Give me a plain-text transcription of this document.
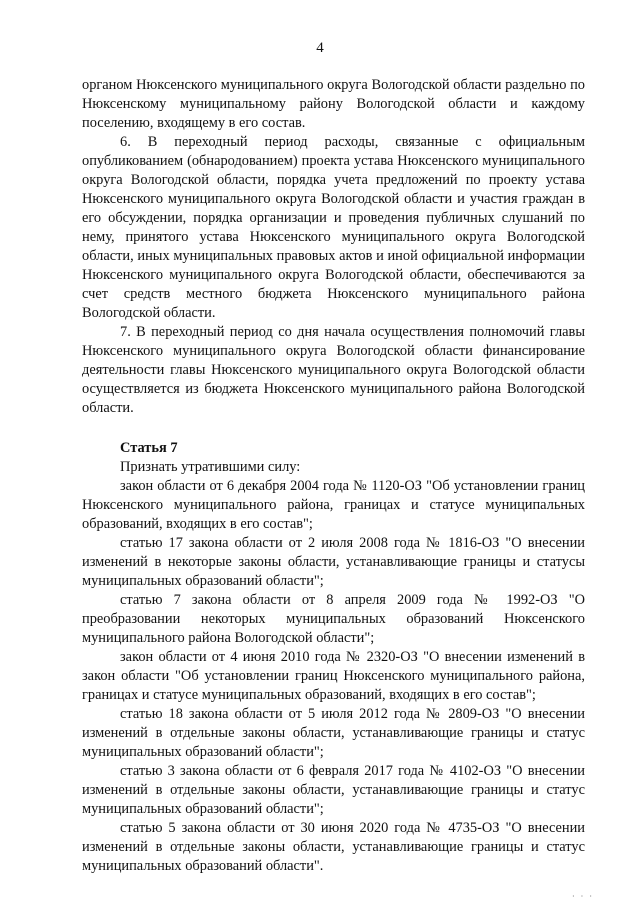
4

органом Нюксенского муниципального округа Вологодской области раздельно по Нюксенскому муниципальному району Вологодской области и каждому поселению, входящему в его состав.

6. В переходный период расходы, связанные с официальным опубликованием (обнародованием) проекта устава Нюксенского муниципального округа Вологодской области, порядка учета предложений по проекту устава Нюксенского муниципального округа Вологодской области и участия граждан в его обсуждении, порядка организации и проведения публичных слушаний по нему, принятого устава Нюксенского муниципального округа Вологодской области, иных муниципальных правовых актов и иной официальной информации Нюксенского муниципального округа Вологодской области, обеспечиваются за счет средств местного бюджета Нюксенского муниципального района Вологодской области.

7. В переходный период со дня начала осуществления полномочий главы Нюксенского муниципального округа Вологодской области финансирование деятельности главы Нюксенского муниципального округа Вологодской области осуществляется из бюджета Нюксенского муниципального района Вологодской области.

Статья 7

Признать утратившими силу:

закон области от 6 декабря 2004 года № 1120-ОЗ "Об установлении границ Нюксенского муниципального района, границах и статусе муниципальных образований, входящих в его состав";

статью 17 закона области от 2 июля 2008 года № 1816-ОЗ "О внесении изменений в некоторые законы области, устанавливающие границы и статусы муниципальных образований области";

статью 7 закона области от 8 апреля 2009 года № 1992-ОЗ "О преобразовании некоторых муниципальных образований Нюксенского муниципального района Вологодской области";

закон области от 4 июня 2010 года № 2320-ОЗ "О внесении изменений в закон области "Об установлении границ Нюксенского муниципального района, границах и статусе муниципальных образований, входящих в его состав";

статью 18 закона области от 5 июля 2012 года № 2809-ОЗ "О внесении изменений в отдельные законы области, устанавливающие границы и статус муниципальных образований области";

статью 3 закона области от 6 февраля 2017 года № 4102-ОЗ "О внесении изменений в отдельные законы области, устанавливающие границы и статус муниципальных образований области";

статью 5 закона области от 30 июня 2020 года № 4735-ОЗ "О внесении изменений в отдельные законы области, устанавливающие границы и статус муниципальных образований области".

· · ·
